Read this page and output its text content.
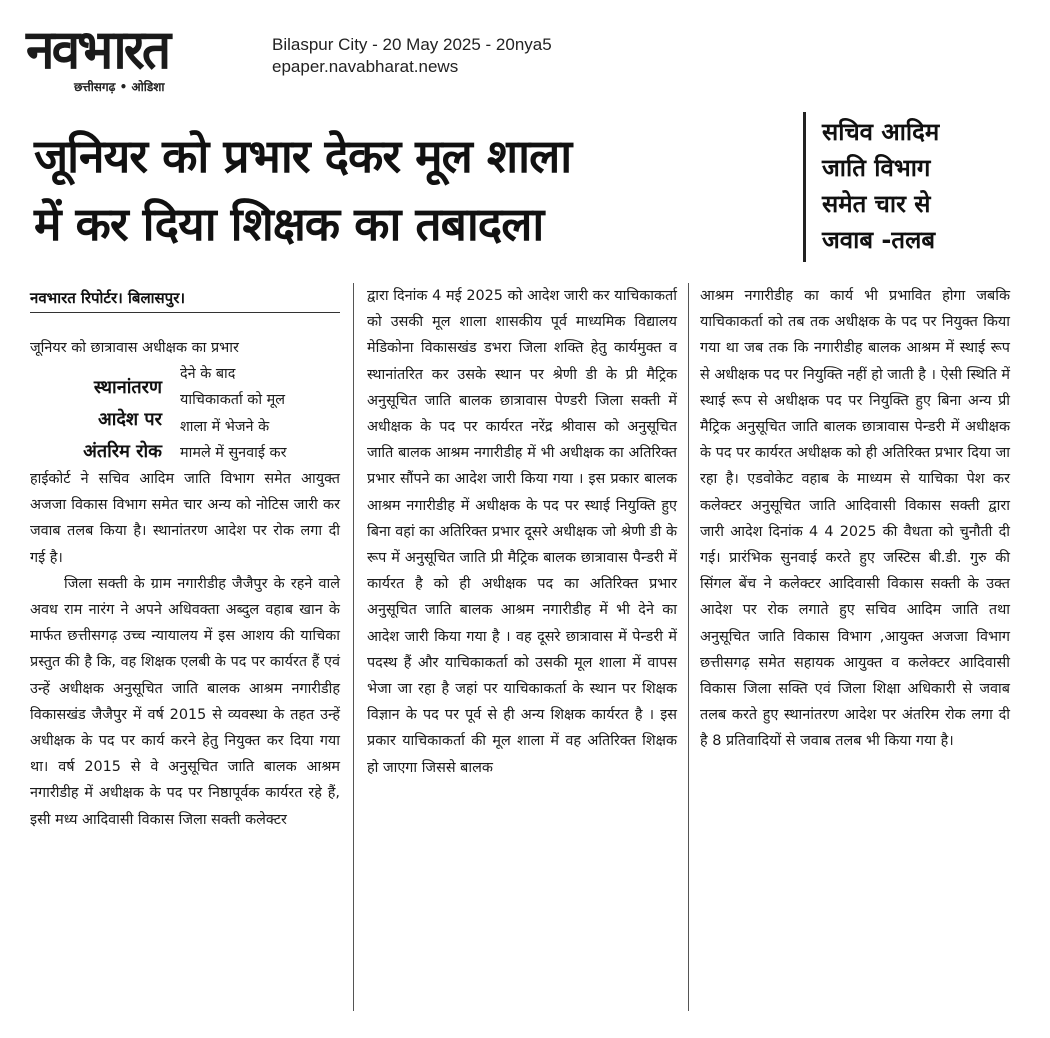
नवभारत
छत्तीसगढ़ • ओडिशा
Bilaspur City - 20 May 2025 - 20nya5
epaper.navabharat.news
जूनियर को प्रभार देकर मूल शाला
में कर दिया शिक्षक का तबादला
सचिव आदिम
जाति विभाग
समेत चार से
जवाब -तलब
नवभारत रिपोर्टर। बिलासपुर।

जूनियर को छात्रावास अधीक्षक का प्रभार

देने के बाद

याचिकाकर्ता को मूल

शाला में भेजने के

मामले में सुनवाई कर

हाईकोर्ट ने सचिव आदिम जाति विभाग समेत आयुक्त अजजा विकास विभाग समेत चार अन्य को नोटिस जारी कर जवाब तलब किया है। स्थानांतरण आदेश पर रोक लगा दी गई है।

जिला सक्ती के ग्राम नगारीडीह जैजैपुर के रहने वाले अवध राम नारंग ने अपने अधिवक्ता अब्दुल वहाब खान के मार्फत छत्तीसगढ़ उच्च न्यायालय में इस आशय की याचिका प्रस्तुत की है कि, वह शिक्षक एलबी के पद पर कार्यरत हैं एवं उन्हें अधीक्षक अनुसूचित जाति बालक आश्रम नगारीडीह विकासखंड जैजैपुर में वर्ष 2015 से व्यवस्था के तहत उन्हें अधीक्षक के पद पर कार्य करने हेतु नियुक्त कर दिया गया था। वर्ष 2015 से वे अनुसूचित जाति बालक आश्रम नगारीडीह में अधीक्षक के पद पर निष्ठापूर्वक कार्यरत रहे हैं, इसी मध्य आदिवासी विकास जिला सक्ती कलेक्टर

स्थानांतरण
आदेश पर
अंतरिम रोक

द्वारा दिनांक 4 मई 2025 को आदेश जारी कर याचिकाकर्ता को उसकी मूल शाला शासकीय पूर्व माध्यमिक विद्यालय मेडिकोना विकासखंड डभरा जिला शक्ति हेतु कार्यमुक्त व स्थानांतरित कर उसके स्थान पर श्रेणी डी के प्री मैट्रिक अनुसूचित जाति बालक छात्रावास पेण्डरी जिला सक्ती में अधीक्षक के पद पर कार्यरत नरेंद्र श्रीवास को अनुसूचित जाति बालक आश्रम नगारीडीह में भी अधीक्षक का अतिरिक्त प्रभार सौंपने का आदेश जारी किया गया । इस प्रकार बालक आश्रम नगारीडीह में अधीक्षक के पद पर स्थाई नियुक्ति हुए बिना वहां का अतिरिक्त प्रभार दूसरे अधीक्षक जो श्रेणी डी के रूप में अनुसूचित जाति प्री मैट्रिक बालक छात्रावास पैन्डरी में कार्यरत है को ही अधीक्षक पद का अतिरिक्त प्रभार अनुसूचित जाति बालक आश्रम नगारीडीह में भी देने का आदेश जारी किया गया है । वह दूसरे छात्रावास में पेन्डरी में पदस्थ हैं और याचिकाकर्ता को उसकी मूल शाला में वापस भेजा जा रहा है जहां पर याचिकाकर्ता के स्थान पर शिक्षक विज्ञान के पद पर पूर्व से ही अन्य शिक्षक कार्यरत है । इस प्रकार याचिकाकर्ता की मूल शाला में वह अतिरिक्त शिक्षक हो जाएगा जिससे बालक

आश्रम नगारीडीह का कार्य भी प्रभावित होगा जबकि याचिकाकर्ता को तब तक अधीक्षक के पद पर नियुक्त किया गया था जब तक कि नगारीडीह बालक आश्रम में स्थाई रूप से अधीक्षक पद पर नियुक्ति नहीं हो जाती है । ऐसी स्थिति में स्थाई रूप से अधीक्षक पद पर नियुक्ति हुए बिना अन्य प्री मैट्रिक अनुसूचित जाति बालक छात्रावास पेन्डरी में अधीक्षक के पद पर कार्यरत अधीक्षक को ही अतिरिक्त प्रभार दिया जा रहा है। एडवोकेट वहाब के माध्यम से याचिका पेश कर कलेक्टर अनुसूचित जाति आदिवासी विकास सक्ती द्वारा जारी आदेश दिनांक 4 4 2025 की वैधता को चुनौती दी गई। प्रारंभिक सुनवाई करते हुए जस्टिस बी.डी. गुरु की सिंगल बेंच ने कलेक्टर आदिवासी विकास सक्ती के उक्त आदेश पर रोक लगाते हुए सचिव आदिम जाति तथा अनुसूचित जाति विकास विभाग ,आयुक्त अजजा विभाग छत्तीसगढ़ समेत सहायक आयुक्त व कलेक्टर आदिवासी विकास जिला सक्ति एवं जिला शिक्षा अधिकारी से जवाब तलब करते हुए स्थानांतरण आदेश पर अंतरिम रोक लगा दी है 8 प्रतिवादियों से जवाब तलब भी किया गया है।
